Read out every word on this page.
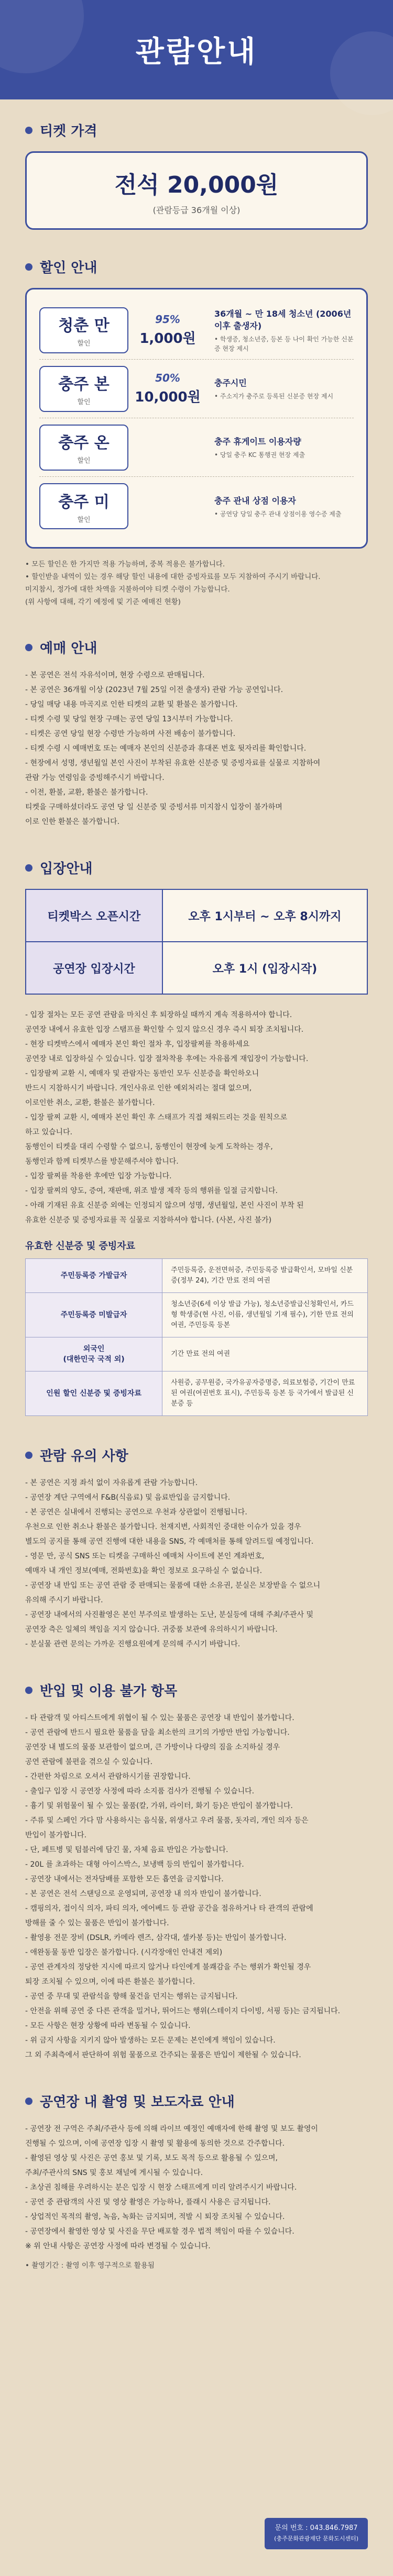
관람안내
티켓 가격
전석 20,000원
(관람등급 36개월 이상)
할인 안내
청춘 만
할인
95%
1,000원
36개월 ~ 만 18세 청소년 (2006년 이후 출생자)
• 학생증, 청소년증, 등본 등 나이 확인 가능한 신분증 현장 제시
충주 본
할인
50%
10,000원
충주시민
• 주소지가 충주로 등록된 신분증 현장 제시
충주 온
할인
충주 휴게이트 이용자량
• 당일 충주 KC 통행권 현장 제출
충주 미
할인
충주 관내 상점 이용자
• 공연당 당일 충주 관내 상점이용 영수증 제출

• 모든 할인은 한 가지만 적용 가능하며, 중복 적용은 불가합니다.

• 할인받을 내역이 있는 경우 해당 할인 내용에 대한 증빙자료를 모두 지참하여 주시기 바랍니다.

미지참시, 정가에 대한 차액을 지불하여야 티켓 수령이 가능합니다.

(위 사항에 대해, 각기 예정에 및 기준 예매진 현황)

예매 안내

- 본 공연은 전석 자유석이며, 현장 수령으로 판매됩니다.

- 본 공연은 36개월 이상 (2023년 7월 25일 이전 출생자) 관람 가능 공연입니다.

- 당일 매당 내용 마곡지로 인한 티켓의 교환 및 환불은 불가합니다.

- 티켓 수령 및 당일 현장 구매는 공연 당일 13시부터 가능합니다.

- 티켓은 공연 당일 현장 수령만 가능하며 사전 배송이 불가합니다.

- 티켓 수령 시 예매번호 또는 예매자 본인의 신분증과 휴대폰 번호 뒷자리를 확인합니다.

- 현장에서 성명, 생년월일 본인 사진이 부착된 유효한 신분증 및 증빙자료를 실물로 지참하여

관람 가능 연령임을 증빙해주시기 바랍니다.

- 이전, 환불, 교환, 환불은 불가합니다.

티켓을 구매하셨더라도 공연 당 일 신분증 및 증빙서류 미지참시 입장이 불가하며

이로 인한 환불은 불가합니다.

입장안내
티켓박스 오픈시간	오후 1시부터 ~ 오후 8시까지
공연장 입장시간	오후 1시 (입장시작)

- 입장 절차는 모든 공연 관람을 마치신 후 퇴장하실 때까지 계속 적용하셔야 합니다.

공연장 내에서 유효한 입장 스탬프를 확인할 수 있지 않으신 경우 즉시 퇴장 조치됩니다.

- 현장 티켓박스에서 예매자 본인 확인 절차 후, 입장팔찌를 착용하세요

공연장 내로 입장하실 수 있습니다. 입장 절차착용 후에는 자유롭게 재입장이 가능합니다.

- 입장팔찌 교환 시, 예매자 및 관람자는 동반인 모두 신분증을 확인하오니

반드시 지참하시기 바랍니다. 개인사유로 인한 예외처리는 절대 없으며,

이로인한 취소, 교환, 환불은 불가합니다.

- 입장 팔찌 교환 시, 예매자 본인 확인 후 스태프가 직접 채워드리는 것을 원칙으로

하고 있습니다.

동행인이 티켓을 대리 수령할 수 없으니, 동행인이 현장에 늦게 도착하는 경우,

동행인과 함께 티켓부스를 방문해주셔야 합니다.

- 입장 팔찌를 착용한 후에만 입장 가능합니다.

- 입장 팔찌의 양도, 증여, 재판매, 위조 발생 제작 등의 행위를 일절 금지합니다.

- 아래 기재된 유효 신분증 외에는 인정되지 않으며 성명, 생년월일, 본인 사진이 부착 된

유효한 신분증 및 증빙자료를 꼭 실물로 지참하셔야 합니다. (사본, 사진 불가)

유효한 신분증 및 증빙자료
주민등록증 가발급자	주민등록증, 운전면허증, 주민등록증 발급확인서, 모바일 신분증(정부 24), 기간 만료 전의 여권
주민등록증 미발급자	청소년증(6세 이상 발급 가능), 청소년증발급신청확인서, 카드형 학생증(현 사진, 이름, 생년월일 기재 필수), 기한 만료 전의 여권, 주민등록 등본
외국인
(대한민국 국적 외)	기간 만료 전의 여권
인원 할인 신분증 및 증빙자료	사원증, 공무원증, 국가유공자증명증, 의료보험증, 기간이 만료된 여권(여권번호 표시), 주민등록 등본 등 국가에서 발급된 신분증 등
관람 유의 사항

- 본 공연은 지정 좌석 없이 자유롭게 관람 가능합니다.

- 공연장 계단 구역에서 F&B(식음료) 및 음료반입을 금지합니다.

- 본 공연은 실내에서 진행되는 공연으로 우천과 상관없이 진행됩니다.

우천으로 인한 취소나 환불은 불가합니다. 천재지변, 사회적인 중대한 이슈가 있을 경우

별도의 공지를 통해 공연 진행에 대한 내용을 SNS, 각 예매처를 통해 알려드릴 예정입니다.

- 영문 만, 공식 SNS 또는 티켓을 구매하신 예매처 사이트에 본인 계좌번호,

예매자 내 개인 정보(예매, 전화번호)을 확인 정보로 요구하실 수 없습니다.

- 공연장 내 반입 또는 공연 관람 중 판매되는 물품에 대한 소유권, 분실은 보장받을 수 없으니

유의해 주시기 바랍니다.

- 공연장 내에서의 사진촬영은 본인 부주의로 발생하는 도난, 분실등에 대해 주최/주관사 및

공연장 측은 일체의 책임을 지지 않습니다. 귀중품 보관에 유의하시기 바랍니다.

- 분실물 관련 문의는 가까운 진행요원에게 문의해 주시기 바랍니다.

반입 및 이용 불가 항목

- 타 관람객 및 아티스트에게 위협이 될 수 있는 물품은 공연장 내 반입이 불가합니다.

- 공연 관람에 반드시 필요한 물품을 담을 최소한의 크기의 가방만 반입 가능합니다.

공연장 내 별도의 물품 보관함이 없으며, 큰 가방이나 다량의 짐을 소지하실 경우

공연 관람에 불편을 겪으실 수 있습니다.

- 간편한 차림으로 오셔서 관람하시기를 권장합니다.

- 출입구 입장 시 공연장 사정에 따라 소지품 검사가 진행될 수 있습니다.

- 흉기 및 위험물이 될 수 있는 물품(칼, 가위, 라이터, 화기 등)은 반입이 불가합니다.

- 주류 및 스페인 가다 맘 사용하시는 음식물, 위생사고 우려 물품, 돗자리, 개인 의자 등은

반입이 불가합니다.

- 단, 페트병 및 텀블러에 담긴 물, 자체 음료 반입은 가능합니다.

- 20L 를 초과하는 대형 아이스박스, 보냉백 등의 반입이 불가합니다.

- 공연장 내에서는 전자담배를 포함한 모든 흡연을 금지합니다.

- 본 공연은 전석 스탠딩으로 운영되며, 공연장 내 의자 반입이 불가합니다.

- 캠핑의자, 접이식 의자, 파티 의자, 에어베드 등 관람 공간을 점유하거나 타 관객의 관람에

방해를 줄 수 있는 물품은 반입이 불가합니다.

- 촬영용 전문 장비 (DSLR, 카메라 렌즈, 삼각대, 셀카봉 등)는 반입이 불가합니다.

- 애완동물 동반 입장은 불가합니다. (시각장애인 안내견 제외)

- 공연 관계자의 정당한 지시에 따르지 않거나 타인에게 불쾌감을 주는 행위가 확인될 경우

퇴장 조치될 수 있으며, 이에 따른 환불은 불가합니다.

- 공연 중 무대 및 관람석을 향해 물건을 던지는 행위는 금지됩니다.

- 안전을 위해 공연 중 다른 관객을 밀거나, 뛰어드는 행위(스테이지 다이빙, 서핑 등)는 금지됩니다.

- 모든 사항은 현장 상황에 따라 변동될 수 있습니다.

- 위 금지 사항을 지키지 않아 발생하는 모든 문제는 본인에게 책임이 있습니다.

그 외 주최측에서 판단하여 위험 물품으로 간주되는 물품은 반입이 제한될 수 있습니다.

공연장 내 촬영 및 보도자료 안내

- 공연장 전 구역은 주최/주관사 등에 의해 라이브 예정인 예매자에 한해 촬영 및 보도 촬영이

진행될 수 있으며, 이에 공연장 입장 시 촬영 및 활용에 동의한 것으로 간주합니다.

- 촬영된 영상 및 사진은 공연 홍보 및 기록, 보도 목적 등으로 활용될 수 있으며,

주최/주관사의 SNS 및 홍보 채널에 게시될 수 있습니다.

- 초상권 침해를 우려하시는 분은 입장 시 현장 스태프에게 미리 알려주시기 바랍니다.

- 공연 중 관람객의 사진 및 영상 촬영은 가능하나, 플래시 사용은 금지됩니다.

- 상업적인 목적의 촬영, 녹음, 녹화는 금지되며, 적발 시 퇴장 조치될 수 있습니다.

- 공연장에서 촬영한 영상 및 사진을 무단 배포할 경우 법적 책임이 따를 수 있습니다.

※ 위 안내 사항은 공연장 사정에 따라 변경될 수 있습니다.

• 촬영기간 : 촬영 이후 영구적으로 활용됨
문의 번호 : 043.846.7987
(충주문화관광재단 문화도시센터)
